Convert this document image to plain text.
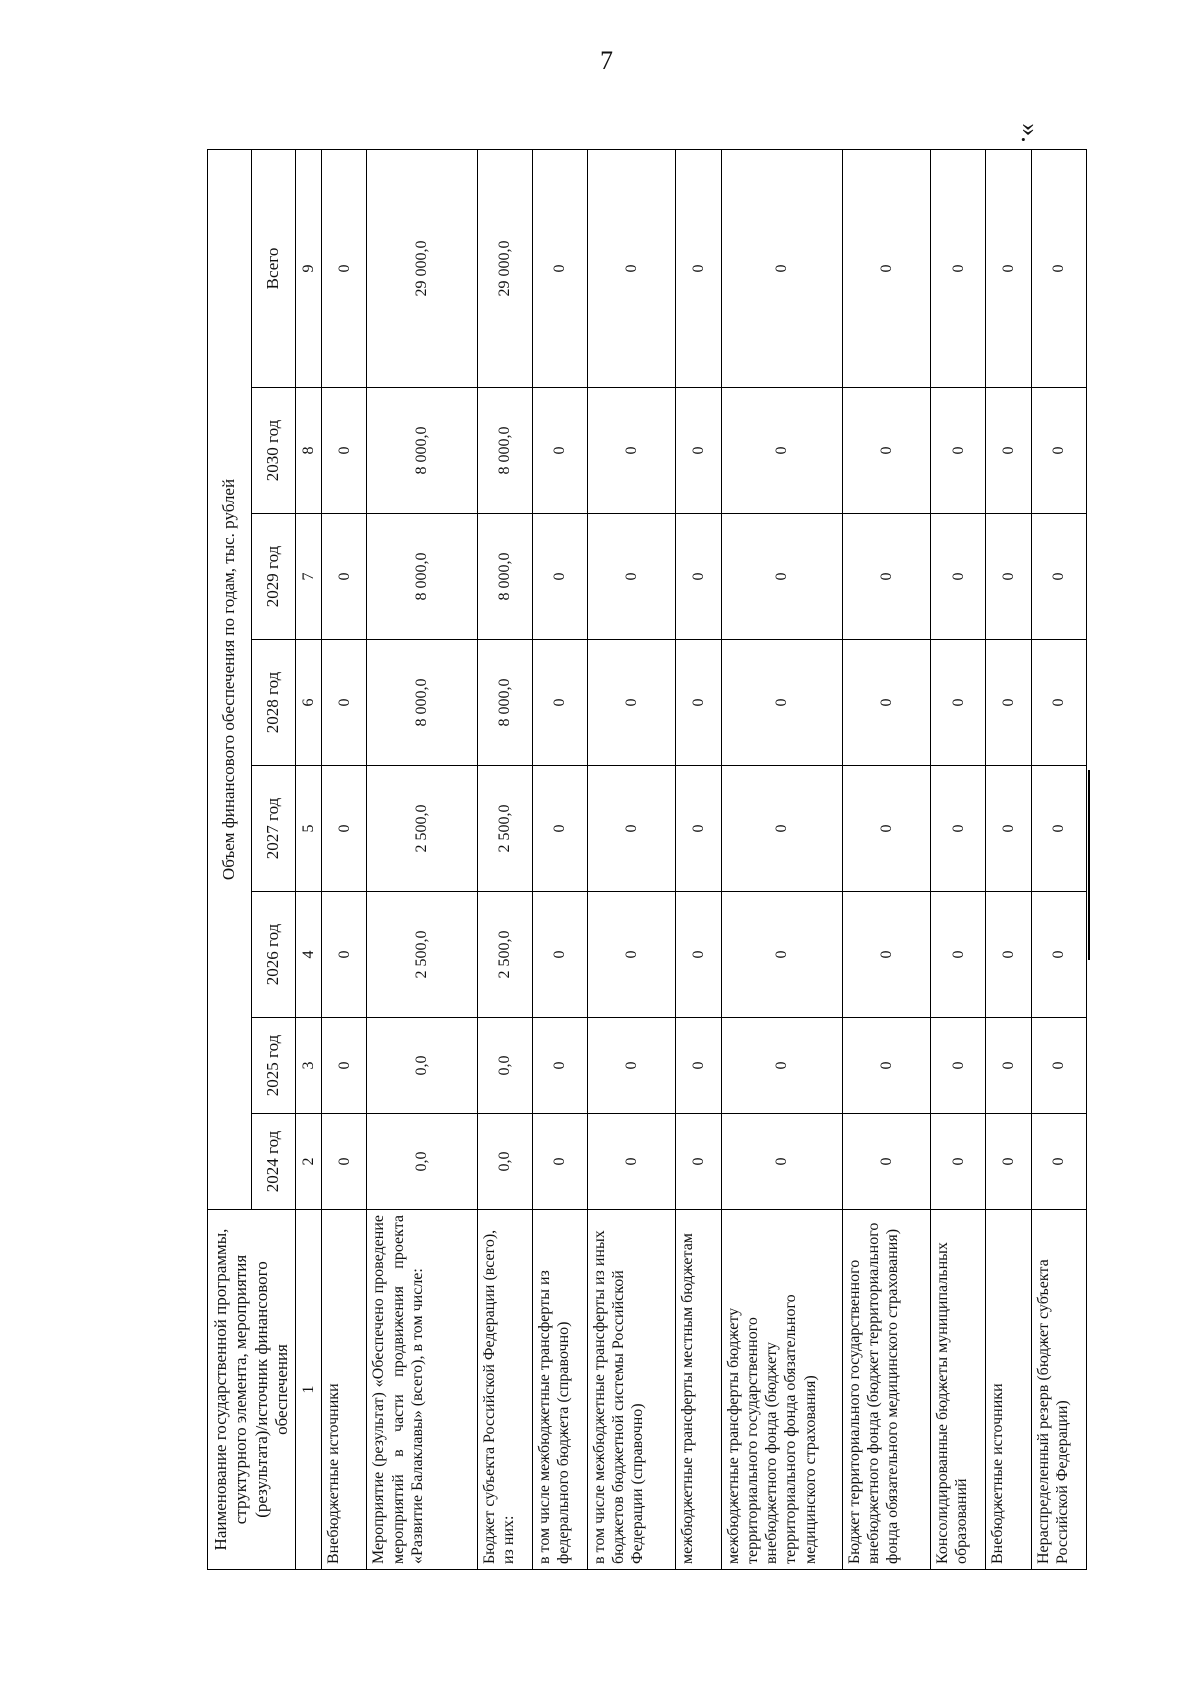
7
».
Наименование государственной программы, структурного элемента, мероприятия (результата)/источник финансового обеспечения	Объем финансового обеспечения по годам, тыс. рублей							
	2024 год	2025 год	2026 год	2027 год	2028 год	2029 год	2030 год	Всего
1	2	3	4	5	6	7	8	9
Внебюджетные источники	0	0	0	0	0	0	0	0
Мероприятие (результат) «Обеспечено проведение мероприятий в части продвижения проекта «Развитие Балаклавы» (всего), в том числе:	0,0	0,0	2 500,0	2 500,0	8 000,0	8 000,0	8 000,0	29 000,0
Бюджет субъекта Российской Федерации (всего), из них:	0,0	0,0	2 500,0	2 500,0	8 000,0	8 000,0	8 000,0	29 000,0
в том числе межбюджетные трансферты из федерального бюджета (справочно)	0	0	0	0	0	0	0	0
в том числе межбюджетные трансферты из иных бюджетов бюджетной системы Российской Федерации (справочно)	0	0	0	0	0	0	0	0
межбюджетные трансферты местным бюджетам	0	0	0	0	0	0	0	0
межбюджетные трансферты бюджету территориального государственного внебюджетного фонда (бюджету территориального фонда обязательного медицинского страхования)	0	0	0	0	0	0	0	0
Бюджет территориального государственного внебюджетного фонда (бюджет территориального фонда обязательного медицинского страхования)	0	0	0	0	0	0	0	0
Консолидированные бюджеты муниципальных образований	0	0	0	0	0	0	0	0
Внебюджетные источники	0	0	0	0	0	0	0	0
Нераспределенный резерв (бюджет субъекта Российской Федерации)	0	0	0	0	0	0	0	0
